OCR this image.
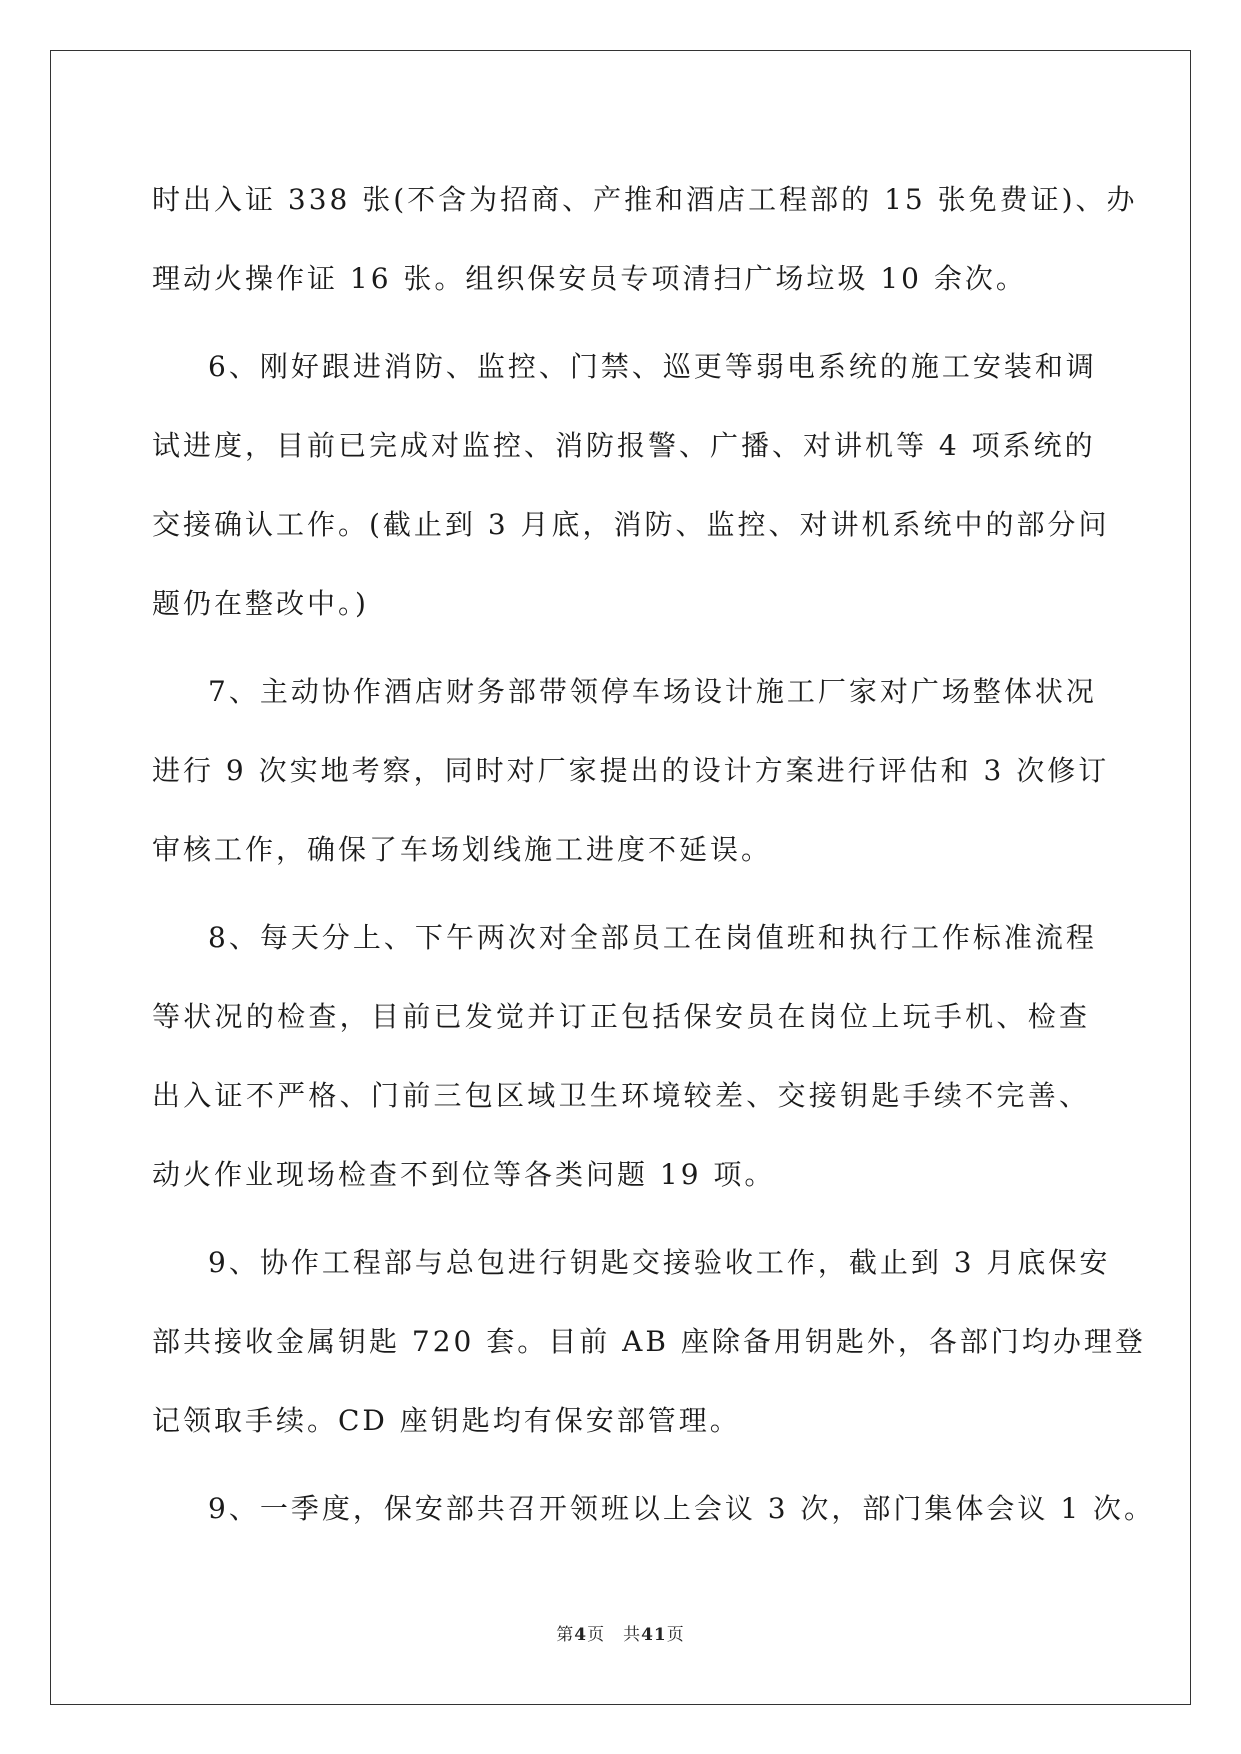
时出入证 338 张(不含为招商、产推和酒店工程部的 15 张免费证)、办
理动火操作证 16 张。组织保安员专项清扫广场垃圾 10 余次。

6、刚好跟进消防、监控、门禁、巡更等弱电系统的施工安装和调
试进度，目前已完成对监控、消防报警、广播、对讲机等 4 项系统的
交接确认工作。(截止到 3 月底，消防、监控、对讲机系统中的部分问
题仍在整改中。)

7、主动协作酒店财务部带领停车场设计施工厂家对广场整体状况
进行 9 次实地考察，同时对厂家提出的设计方案进行评估和 3 次修订
审核工作，确保了车场划线施工进度不延误。

8、每天分上、下午两次对全部员工在岗值班和执行工作标准流程
等状况的检查，目前已发觉并订正包括保安员在岗位上玩手机、检查
出入证不严格、门前三包区域卫生环境较差、交接钥匙手续不完善、
动火作业现场检查不到位等各类问题 19 项。

9、协作工程部与总包进行钥匙交接验收工作，截止到 3 月底保安
部共接收金属钥匙 720 套。目前 AB 座除备用钥匙外，各部门均办理登
记领取手续。CD 座钥匙均有保安部管理。

9、一季度，保安部共召开领班以上会议 3 次，部门集体会议 1 次。

第4页 共41页
